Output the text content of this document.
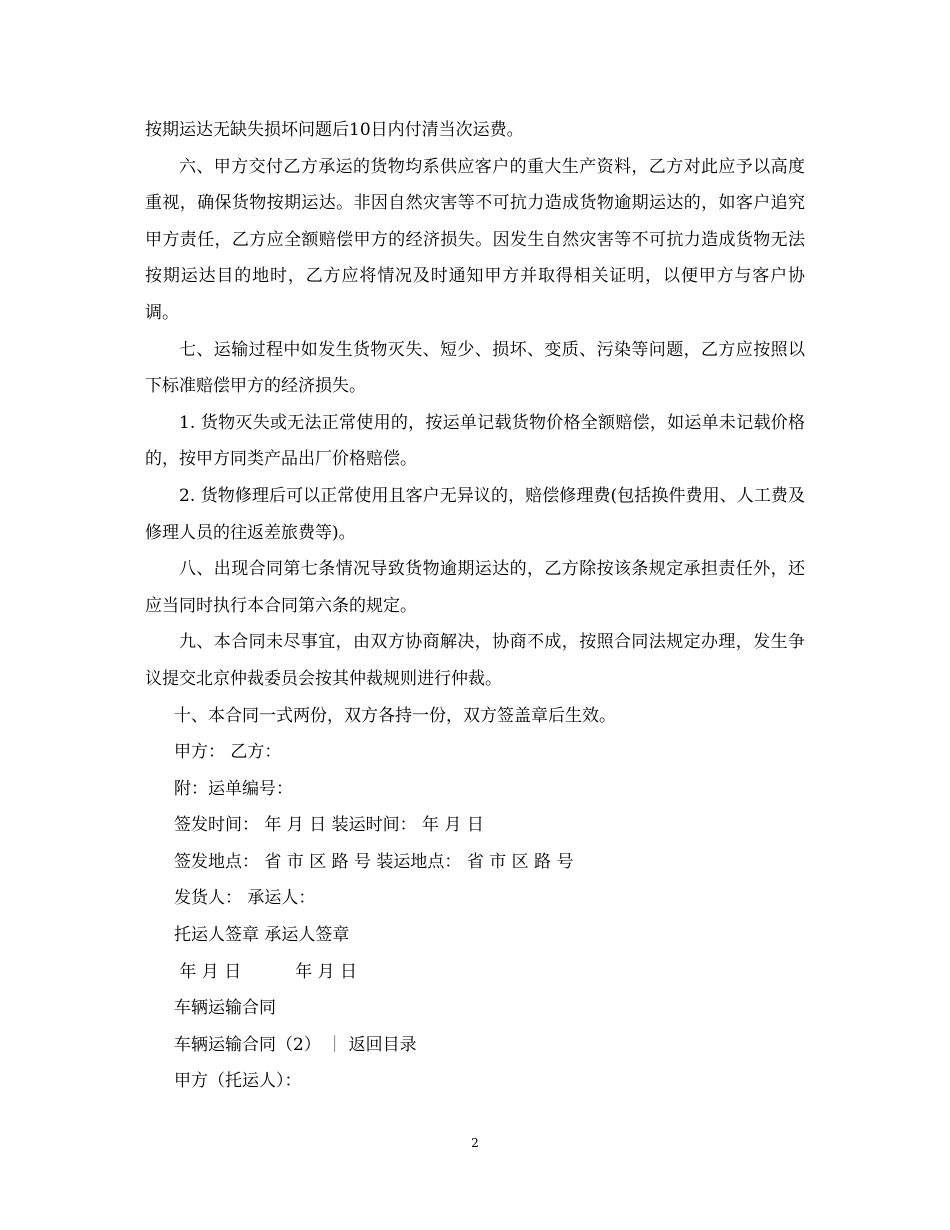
按期运达无缺失损坏问题后10日内付清当次运费。

六、甲方交付乙方承运的货物均系供应客户的重大生产资料，乙方对此应予以高度重视，确保货物按期运达。非因自然灾害等不可抗力造成货物逾期运达的，如客户追究甲方责任，乙方应全额赔偿甲方的经济损失。因发生自然灾害等不可抗力造成货物无法按期运达目的地时，乙方应将情况及时通知甲方并取得相关证明，以便甲方与客户协调。

七、运输过程中如发生货物灭失、短少、损坏、变质、污染等问题，乙方应按照以下标准赔偿甲方的经济损失。

1. 货物灭失或无法正常使用的，按运单记载货物价格全额赔偿，如运单未记载价格的，按甲方同类产品出厂价格赔偿。

2. 货物修理后可以正常使用且客户无异议的，赔偿修理费(包括换件费用、人工费及修理人员的往返差旅费等)。

八、出现合同第七条情况导致货物逾期运达的，乙方除按该条规定承担责任外，还应当同时执行本合同第六条的规定。

九、本合同未尽事宜，由双方协商解决，协商不成，按照合同法规定办理，发生争议提交北京仲裁委员会按其仲裁规则进行仲裁。

十、本合同一式两份，双方各持一份，双方签盖章后生效。

甲方： 乙方：

附：运单编号：

签发时间： 年 月 日 装运时间： 年 月 日

签发地点： 省 市 区 路 号 装运地点： 省 市 区 路 号

发货人： 承运人：

托运人签章 承运人签章

年 月 日          年 月 日

车辆运输合同

车辆运输合同（2） ｜ 返回目录

甲方（托运人）：

2
